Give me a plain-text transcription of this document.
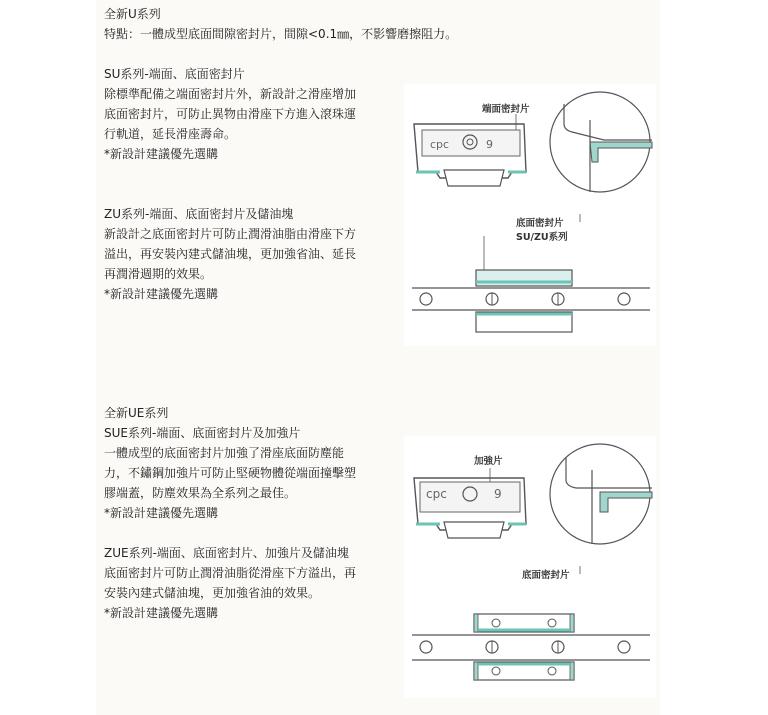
全新U系列
特點：一體成型底面間隙密封片，間隙<0.1㎜，不影響磨擦阻力。
SU系列-端面、底面密封片
除標準配備之端面密封片外，新設計之滑座增加
底面密封片，可防止異物由滑座下方進入滾珠運
行軌道，延長滑座壽命。
*新設計建議優先選購
ZU系列-端面、底面密封片及儲油塊
新設計之底面密封片可防止潤滑油脂由滑座下方
溢出，再安裝內建式儲油塊，更加強省油、延長
再潤滑週期的效果。
*新設計建議優先選購
全新UE系列
SUE系列-端面、底面密封片及加強片
一體成型的底面密封片加強了滑座底面防塵能
力，不鏽鋼加強片可防止堅硬物體從端面撞擊塑
膠端蓋，防塵效果為全系列之最佳。
*新設計建議優先選購
ZUE系列-端面、底面密封片、加強片及儲油塊
底面密封片可防止潤滑油脂從滑座下方溢出，再
安裝內建式儲油塊，更加強省油的效果。
*新設計建議優先選購
cpc	9
端面密封片
底面密封片
SU/ZU系列
cpc	9
加強片
底面密封片
